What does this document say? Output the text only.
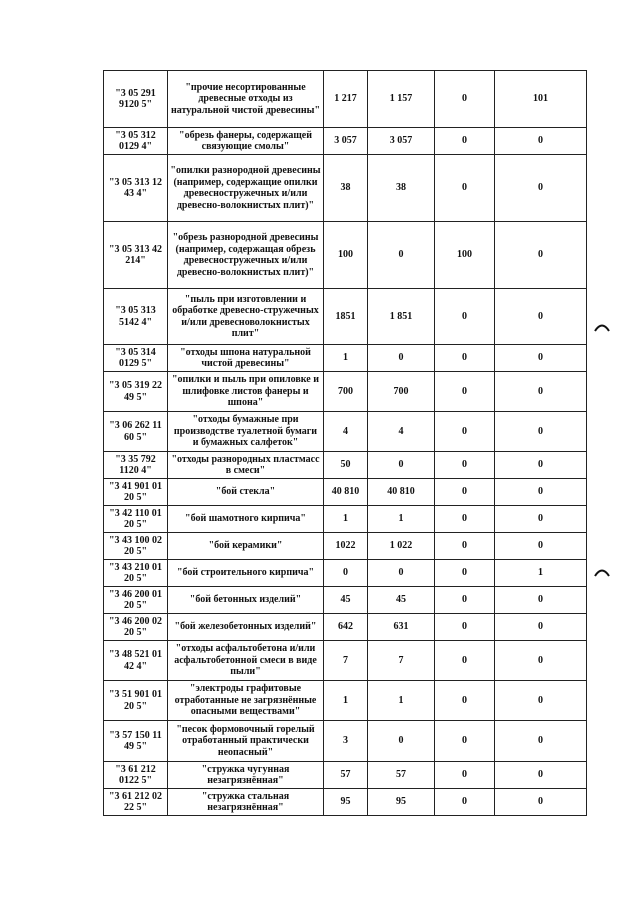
"3 05 291 9120 5"	"прочие несортированные древесные отходы из натуральной чистой древесины"	1 217	1 157	0	101
"3 05 312 0129 4"	"обрезь фанеры, содержащей связующие смолы"	3 057	3 057	0	0
"3 05 313 12 43 4"	"опилки разнородной древесины (например, содержащие опилки древесностружечных и/или древесно-волокнистых плит)"	38	38	0	0
"3 05 313 42 214"	"обрезь разнородной древесины (например, содержащая обрезь древесностружечных и/или древесно-волокнистых плит)"	100	0	100	0
"3 05 313 5142 4"	"пыль при изготовлении и обработке древесно-стружечных и/или древесноволокнистых плит"	1851	1 851	0	0
"3 05 314 0129 5"	"отходы шпона натуральной чистой древесины"	1	0	0	0
"3 05 319 22 49 5"	"опилки и пыль при опиловке и шлифовке листов фанеры и шпона"	700	700	0	0
"3 06 262 11 60 5"	"отходы бумажные при производстве туалетной бумаги и бумажных салфеток"	4	4	0	0
"3 35 792 1120 4"	"отходы разнородных пластмасс в смеси"	50	0	0	0
"3 41 901 01 20 5"	"бой стекла"	40 810	40 810	0	0
"3 42 110 01 20 5"	"бой шамотного кирпича"	1	1	0	0
"3 43 100 02 20 5"	"бой керамики"	1022	1 022	0	0
"3 43 210 01 20 5"	"бой строительного кирпича"	0	0	0	1
"3 46 200 01 20 5"	"бой бетонных изделий"	45	45	0	0
"3 46 200 02 20 5"	"бой железобетонных изделий"	642	631	0	0
"3 48 521 01 42 4"	"отходы асфальтобетона и/или асфальтобетонной смеси в виде пыли"	7	7	0	0
"3 51 901 01 20 5"	"электроды графитовые отработанные не загрязнённые опасными веществами"	1	1	0	0
"3 57 150 11 49 5"	"песок формовочный горелый отработанный практически неопасный"	3	0	0	0
"3 61 212 0122 5"	"стружка чугунная незагрязнённая"	57	57	0	0
"3 61 212 02 22 5"	"стружка стальная незагрязнённая"	95	95	0	0
